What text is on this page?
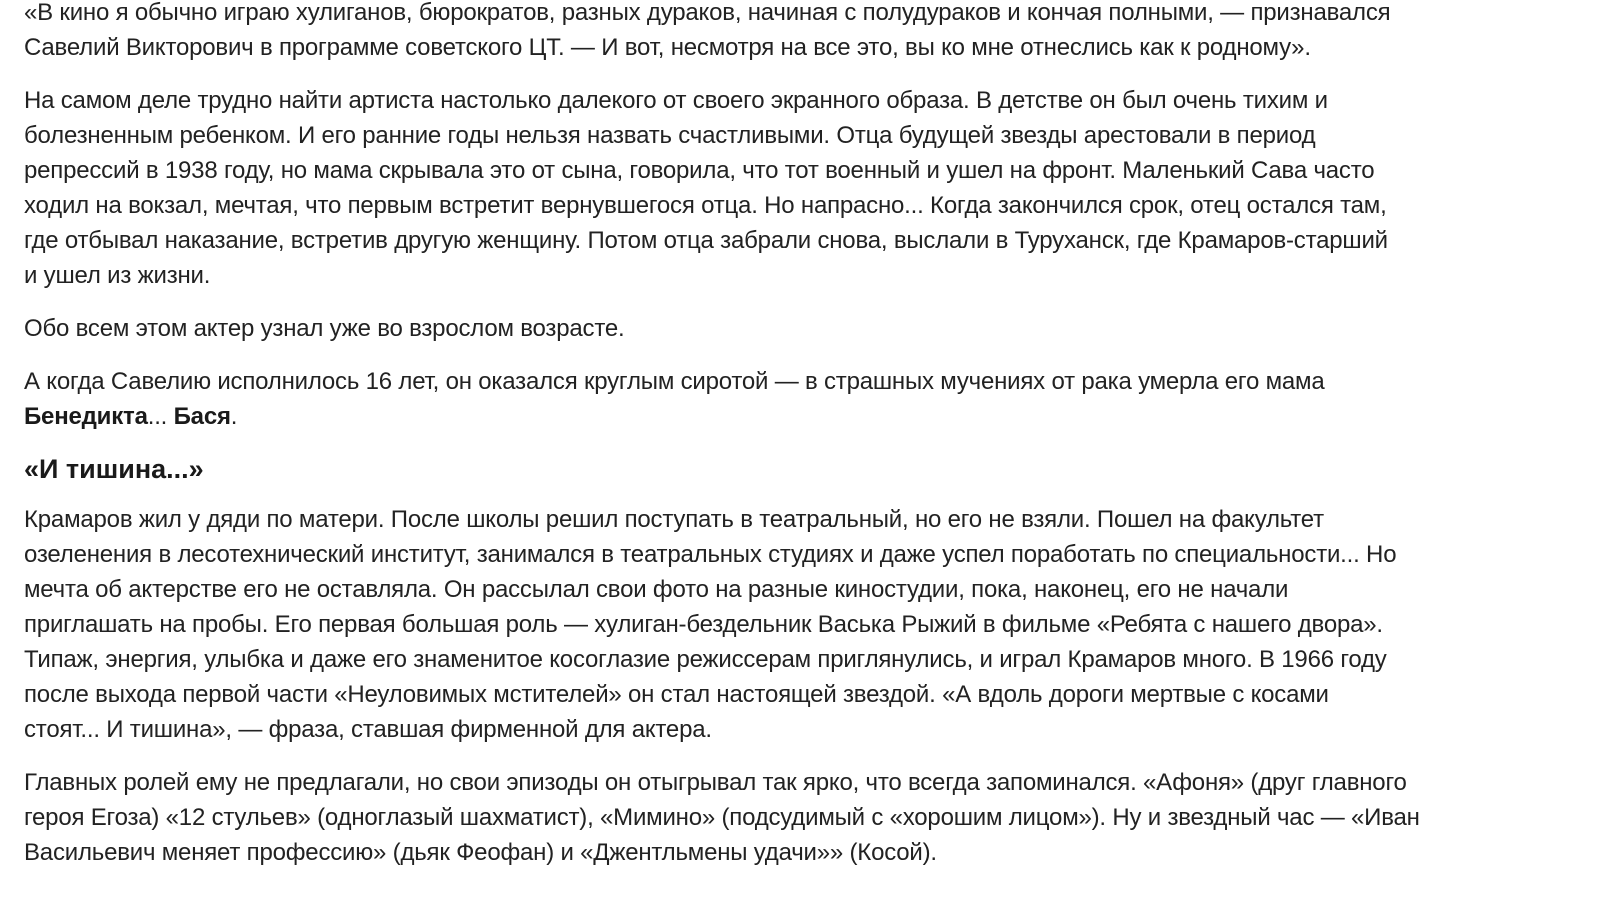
«В кино я обычно играю хулиганов, бюрократов, разных дураков, начиная с полудураков и кончая полными, — признавался
Савелий Викторович в программе советского ЦТ. — И вот, несмотря на все это, вы ко мне отнеслись как к родному».

На самом деле трудно найти артиста настолько далекого от своего экранного образа. В детстве он был очень тихим и
болезненным ребенком. И его ранние годы нельзя назвать счастливыми. Отца будущей звезды арестовали в период
репрессий в 1938 году, но мама скрывала это от сына, говорила, что тот военный и ушел на фронт. Маленький Сава часто
ходил на вокзал, мечтая, что первым встретит вернувшегося отца. Но напрасно... Когда закончился срок, отец остался там,
где отбывал наказание, встретив другую женщину. Потом отца забрали снова, выслали в Туруханск, где Крамаров-старший
и ушел из жизни.

Обо всем этом актер узнал уже во взрослом возрасте.

А когда Савелию исполнилось 16 лет, он оказался круглым сиротой — в страшных мучениях от рака умерла его мама
Бенедикта... Бася.

«И тишина...»

Крамаров жил у дяди по матери. После школы решил поступать в театральный, но его не взяли. Пошел на факультет
озеленения в лесотехнический институт, занимался в театральных студиях и даже успел поработать по специальности... Но
мечта об актерстве его не оставляла. Он рассылал свои фото на разные киностудии, пока, наконец, его не начали
приглашать на пробы. Его первая большая роль — хулиган-бездельник Васька Рыжий в фильме «Ребята с нашего двора».
Типаж, энергия, улыбка и даже его знаменитое косоглазие режиссерам приглянулись, и играл Крамаров много. В 1966 году
после выхода первой части «Неуловимых мстителей» он стал настоящей звездой. «А вдоль дороги мертвые с косами
стоят... И тишина», — фраза, ставшая фирменной для актера.

Главных ролей ему не предлагали, но свои эпизоды он отыгрывал так ярко, что всегда запоминался. «Афоня» (друг главного
героя Егоза) «12 стульев» (одноглазый шахматист), «Мимино» (подсудимый с «хорошим лицом»). Ну и звездный час — «Иван
Васильевич меняет профессию» (дьяк Феофан) и «Джентльмены удачи»» (Косой).
